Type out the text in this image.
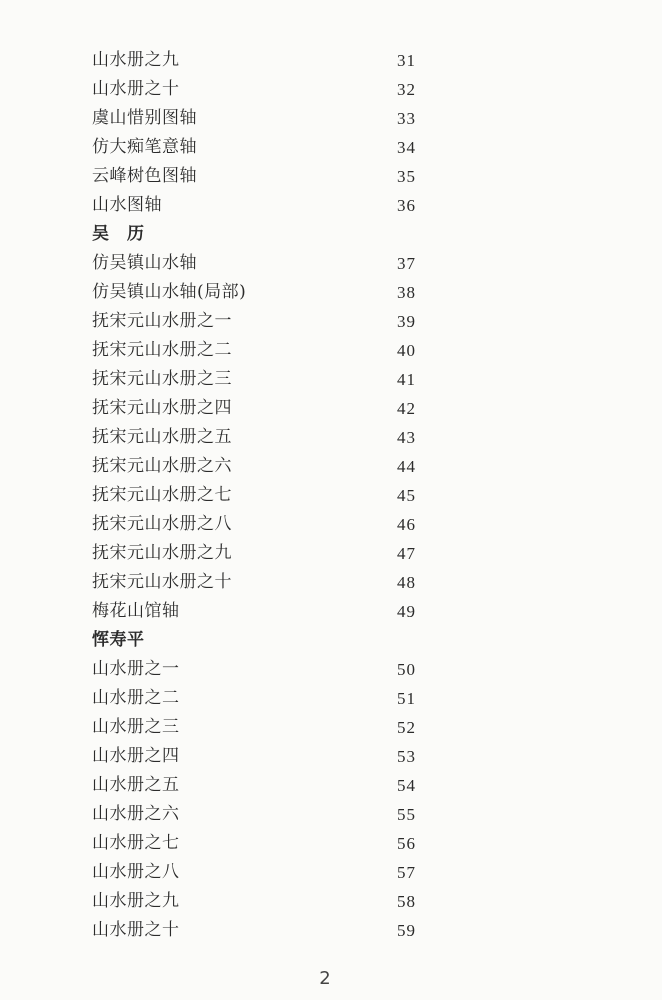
山水册之九	31
山水册之十	32
虞山惜别图轴	33
仿大痴笔意轴	34
云峰树色图轴	35
山水图轴	36
吴　历
仿吴镇山水轴	37
仿吴镇山水轴(局部)	38
抚宋元山水册之一	39
抚宋元山水册之二	40
抚宋元山水册之三	41
抚宋元山水册之四	42
抚宋元山水册之五	43
抚宋元山水册之六	44
抚宋元山水册之七	45
抚宋元山水册之八	46
抚宋元山水册之九	47
抚宋元山水册之十	48
梅花山馆轴	49
恽寿平
山水册之一	50
山水册之二	51
山水册之三	52
山水册之四	53
山水册之五	54
山水册之六	55
山水册之七	56
山水册之八	57
山水册之九	58
山水册之十	59
2
